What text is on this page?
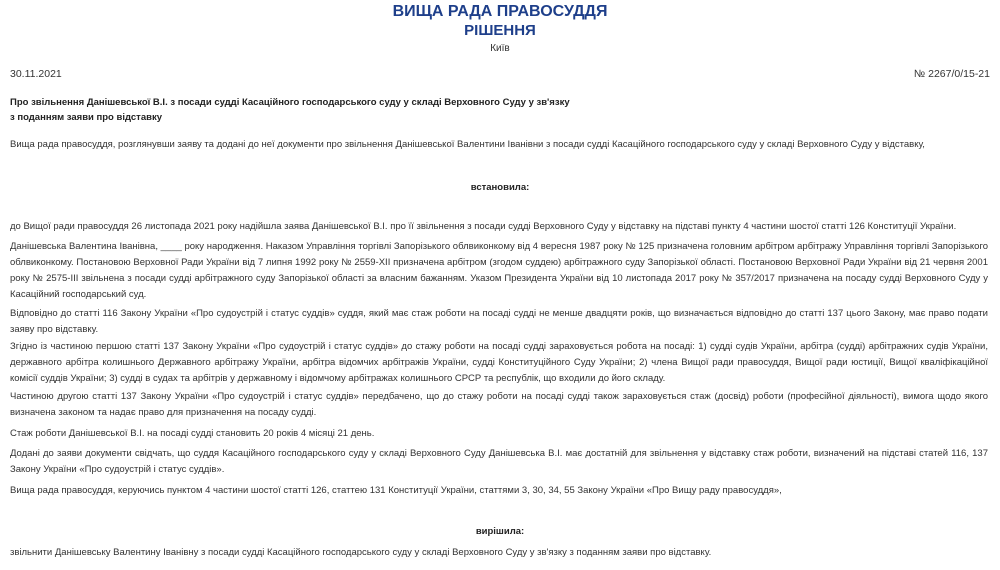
ВИЩА РАДА ПРАВОСУДДЯ
РІШЕННЯ
Київ
30.11.2021	№ 2267/0/15-21
Про звільнення Данішевської В.І. з посади судді Касаційного господарського суду у складі Верховного Суду у зв'язку з поданням заяви про відставку
Вища рада правосуддя, розглянувши заяву та додані до неї документи про звільнення Данішевської Валентини Іванівни з посади судді Касаційного господарського суду у складі Верховного Суду у відставку,
встановила:
до Вищої ради правосуддя 26 листопада 2021 року надійшла заява Данішевської В.І. про її звільнення з посади судді Верховного Суду у відставку на підставі пункту 4 частини шостої статті 126 Конституції України.
Данішевська Валентина Іванівна, ____ року народження. Наказом Управління торгівлі Запорізького облвиконкому від 4 вересня 1987 року № 125 призначена головним арбітром арбітражу Управління торгівлі Запорізького облвиконкому. Постановою Верховної Ради України від 7 липня 1992 року № 2559-XII призначена арбітром (згодом суддею) арбітражного суду Запорізької області. Постановою Верховної Ради України від 21 червня 2001 року № 2575-III звільнена з посади судді арбітражного суду Запорізької області за власним бажанням. Указом Президента України від 10 листопада 2017 року № 357/2017 призначена на посаду судді Верховного Суду у Касаційний господарський суд.
Відповідно до статті 116 Закону України «Про судоустрій і статус суддів» суддя, який має стаж роботи на посаді судді не менше двадцяти років, що визначається відповідно до статті 137 цього Закону, має право подати заяву про відставку.
Згідно із частиною першою статті 137 Закону України «Про судоустрій і статус суддів» до стажу роботи на посаді судді зараховується робота на посаді: 1) судді судів України, арбітра (судді) арбітражних судів України, державного арбітра колишнього Державного арбітражу України, арбітра відомчих арбітражів України, судді Конституційного Суду України; 2) члена Вищої ради правосуддя, Вищої ради юстиції, Вищої кваліфікаційної комісії суддів України; 3) судді в судах та арбітрів у державному і відомчому арбітражах колишнього СРСР та республік, що входили до його складу.
Частиною другою статті 137 Закону України «Про судоустрій і статус суддів» передбачено, що до стажу роботи на посаді судді також зараховується стаж (досвід) роботи (професійної діяльності), вимога щодо якого визначена законом та надає право для призначення на посаду судді.
Стаж роботи Данішевської В.І. на посаді судді становить 20 років 4 місяці 21 день.
Додані до заяви документи свідчать, що суддя Касаційного господарського суду у складі Верховного Суду Данішевська В.І. має достатній для звільнення у відставку стаж роботи, визначений на підставі статей 116, 137 Закону України «Про судоустрій і статус суддів».
Вища рада правосуддя, керуючись пунктом 4 частини шостої статті 126, статтею 131 Конституції України, статтями 3, 30, 34, 55 Закону України «Про Вищу раду правосуддя»,
вирішила:
звільнити Данішевську Валентину Іванівну з посади судді Касаційного господарського суду у складі Верховного Суду у зв'язку з поданням заяви про відставку.
